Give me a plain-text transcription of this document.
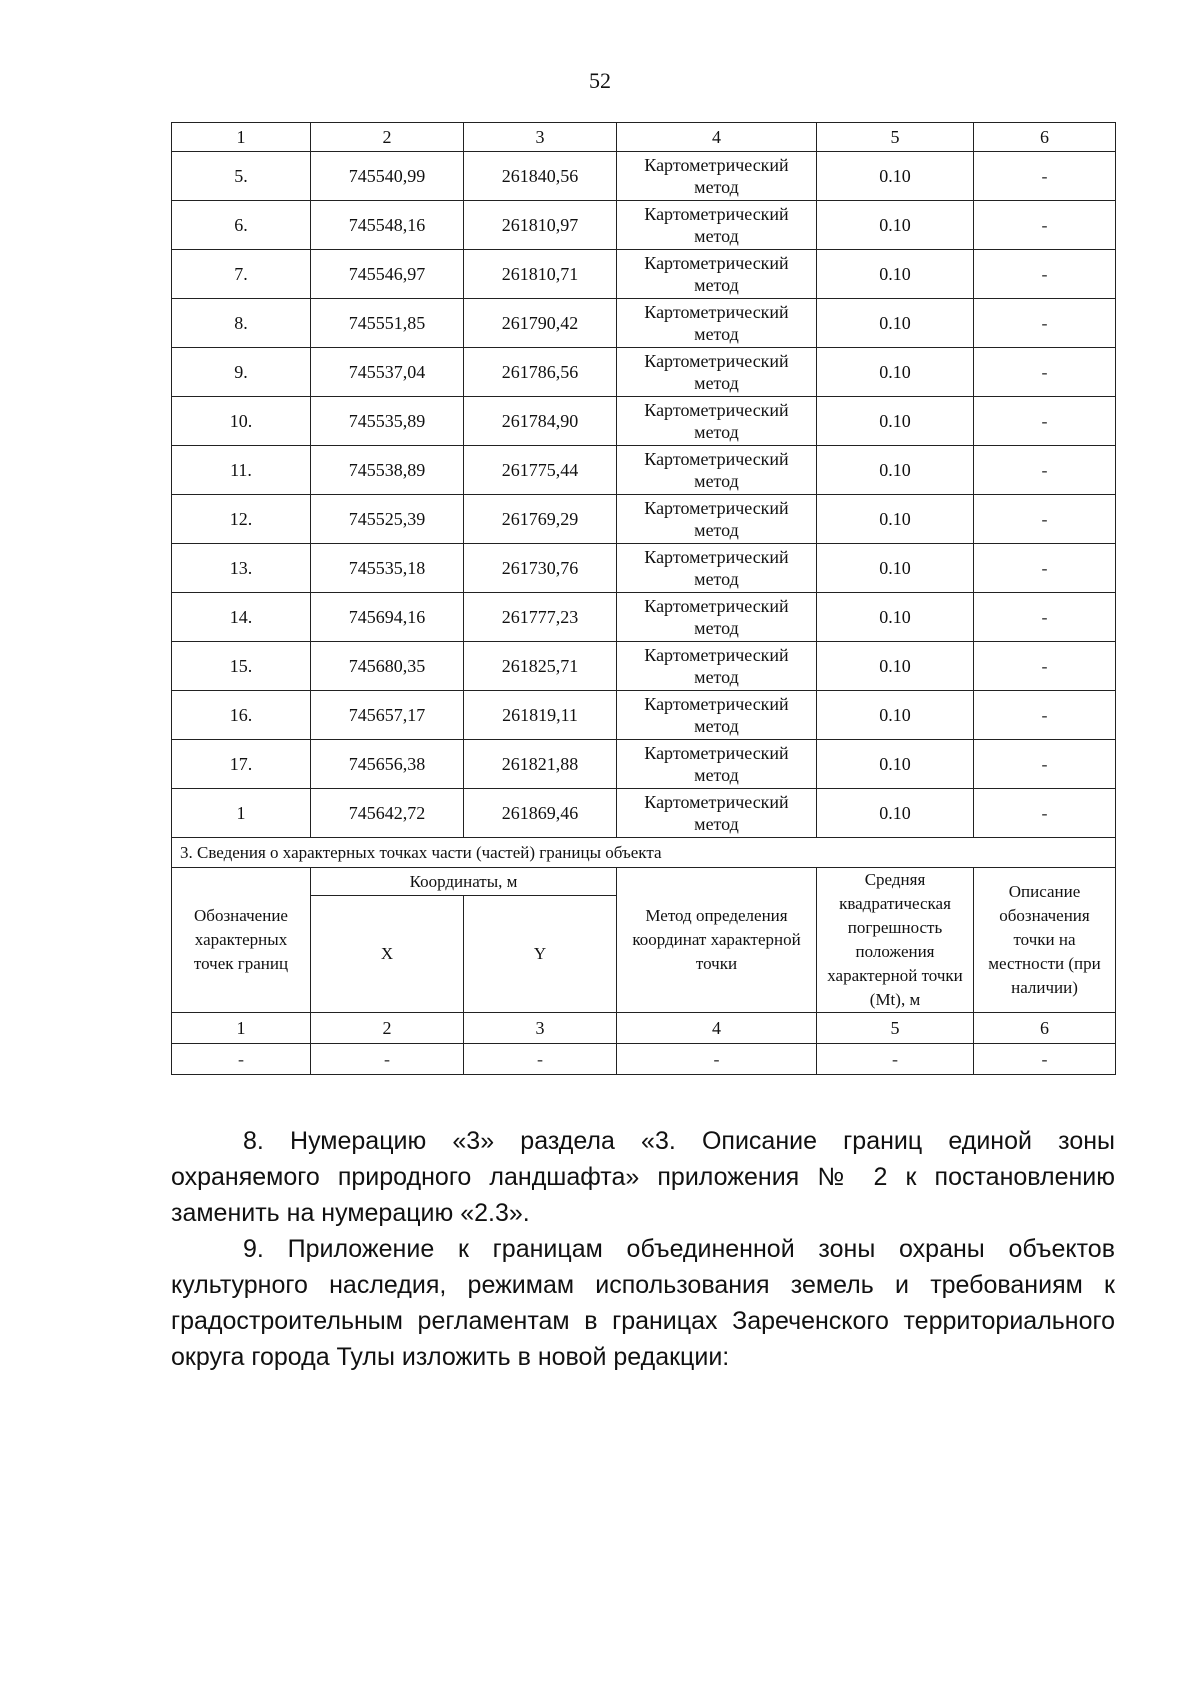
52
1	2	3	4	5	6
5.	745540,99	261840,56	Картометрический метод	0.10	-
6.	745548,16	261810,97	Картометрический метод	0.10	-
7.	745546,97	261810,71	Картометрический метод	0.10	-
8.	745551,85	261790,42	Картометрический метод	0.10	-
9.	745537,04	261786,56	Картометрический метод	0.10	-
10.	745535,89	261784,90	Картометрический метод	0.10	-
11.	745538,89	261775,44	Картометрический метод	0.10	-
12.	745525,39	261769,29	Картометрический метод	0.10	-
13.	745535,18	261730,76	Картометрический метод	0.10	-
14.	745694,16	261777,23	Картометрический метод	0.10	-
15.	745680,35	261825,71	Картометрический метод	0.10	-
16.	745657,17	261819,11	Картометрический метод	0.10	-
17.	745656,38	261821,88	Картометрический метод	0.10	-
1	745642,72	261869,46	Картометрический метод	0.10	-
3. Сведения о характерных точках части (частей) границы объекта					
Обозначение характерных точек границ	Координаты, м		Метод определения координат характерной точки	Средняя квадратическая погрешность положения характерной точки (Mt), м	Описание обозначения точки на местности (при наличии)
	X	Y			
1	2	3	4	5	6
-	-	-	-	-	-

8. Нумерацию «3» раздела «3. Описание границ единой зоны охраняемого природного ландшафта» приложения № 2 к постановлению заменить на нумерацию «2.3».

9. Приложение к границам объединенной зоны охраны объектов культурного наследия, режимам использования земель и требованиям к градостроительным регламентам в границах Зареченского территориального округа города Тулы изложить в новой редакции:
